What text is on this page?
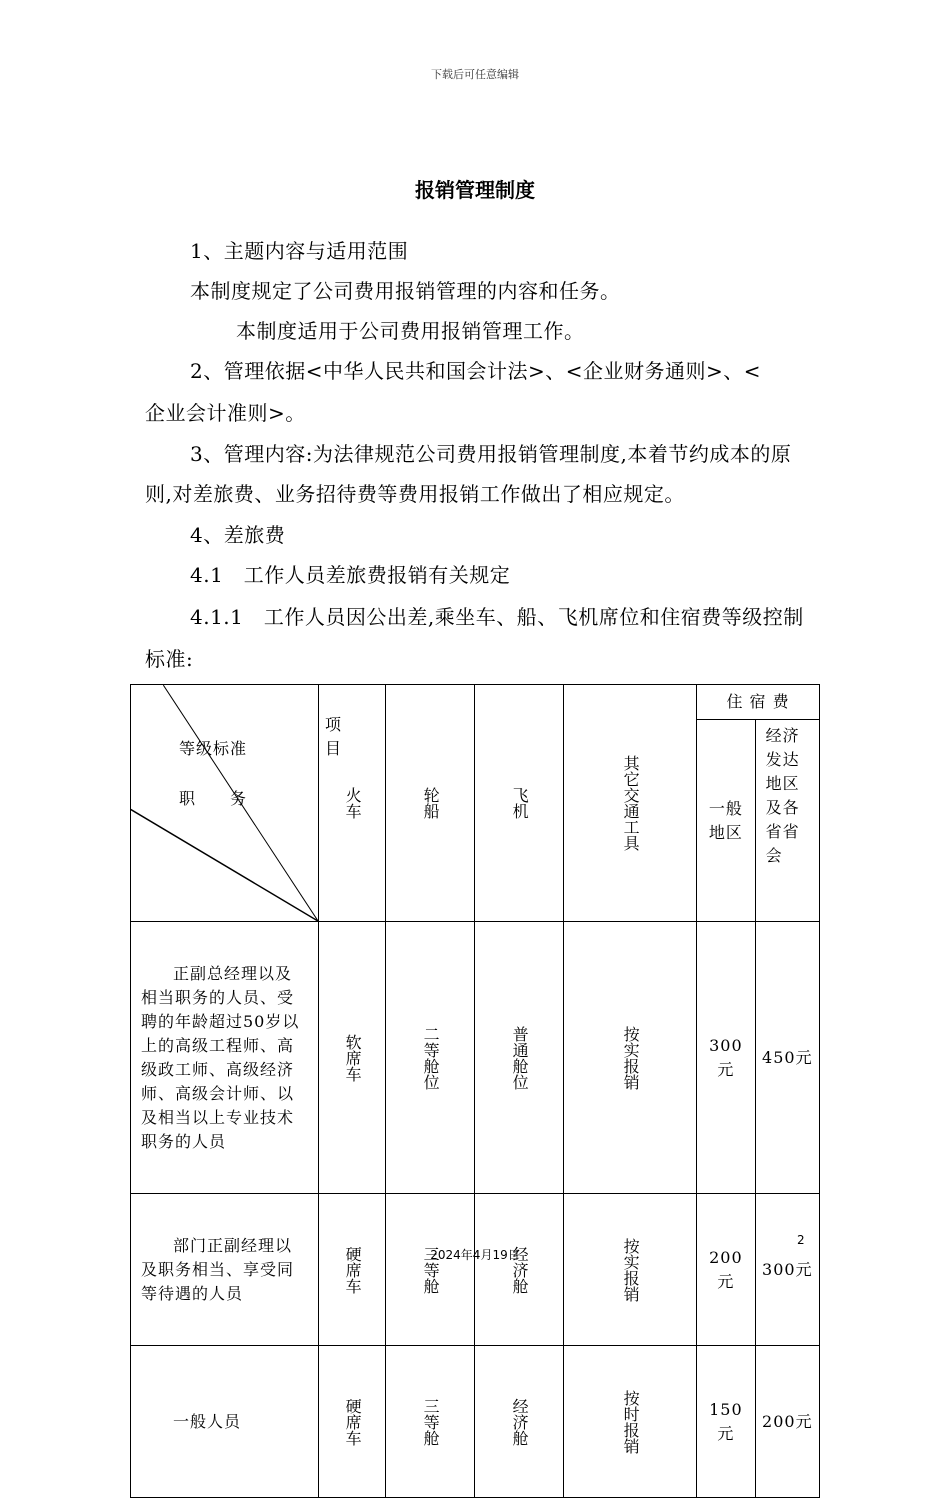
下载后可任意编辑
报销管理制度
1、主题内容与适用范围
本制度规定了公司费用报销管理的内容和任务。
本制度适用于公司费用报销管理工作。
2、管理依据<中华人民共和国会计法>、<企业财务通则>、<
企业会计准则>。
3、管理内容:为法律规范公司费用报销管理制度,本着节约成本的原则,对差旅费、业务招待费等费用报销工作做出了相应规定。
4、差旅费
4.1　工作人员差旅费报销有关规定
4.1.1　工作人员因公出差,乘坐车、船、飞机席位和住宿费等级控制标准:
项目
等级标准
职　　务	火车	轮船	飞机	其它交通工具	住 宿 费	
					一般地区	经济发达地区及各省省会

正副总经理以及相当职务的人员、受聘的年龄超过50岁以上的高级工程师、高级政工师、高级经济师、高级会计师、以及相当以上专业技术职务的人员	软席车	二等舱位	普通舱位	按实报销	300元	450元

部门正副经理以及职务相当、享受同等待遇的人员	硬席车	三等舱	经济舱	按实报销	200元	300元

一般人员	硬席车	三等舱	经济舱	按时报销	150元	200元
2
2024年4月19日
